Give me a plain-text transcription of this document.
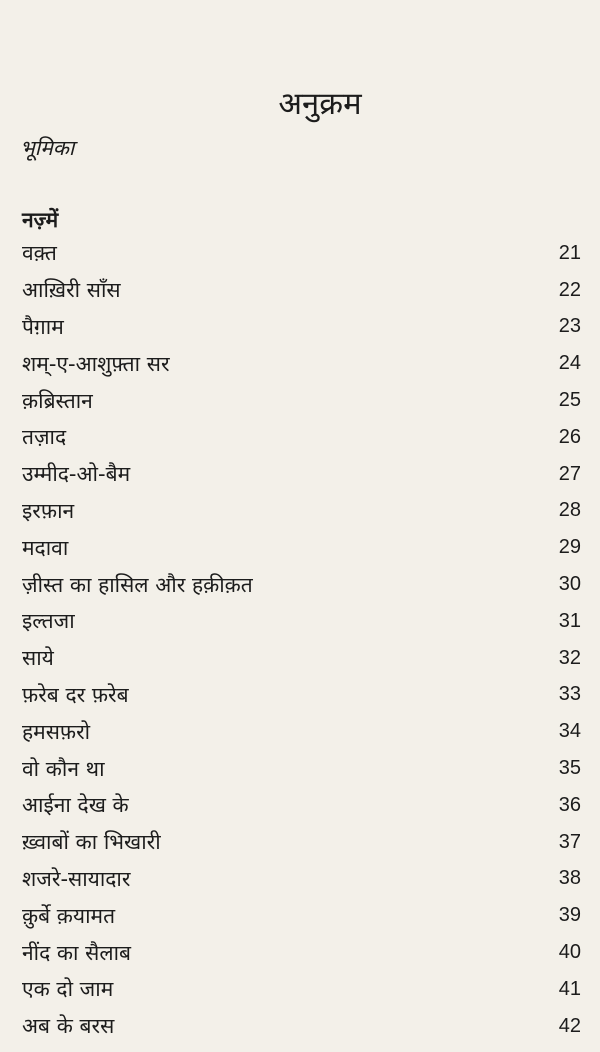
अनुक्रम
भूमिका
नज़्में
वक़्त	21
आख़िरी साँस	22
पैग़ाम	23
शम्-ए-आशुफ़्ता सर	24
क़ब्रिस्तान	25
तज़ाद	26
उम्मीद-ओ-बैम	27
इरफ़ान	28
मदावा	29
ज़ीस्त का हासिल और हक़ीक़त	30
इल्तजा	31
साये	32
फ़रेब दर फ़रेब	33
हमसफ़रो	34
वो कौन था	35
आईना देख के	36
ख़्वाबों का भिखारी	37
शजरे-सायादार	38
क़ुर्बे क़यामत	39
नींद का सैलाब	40
एक दो जाम	41
अब के बरस	42
